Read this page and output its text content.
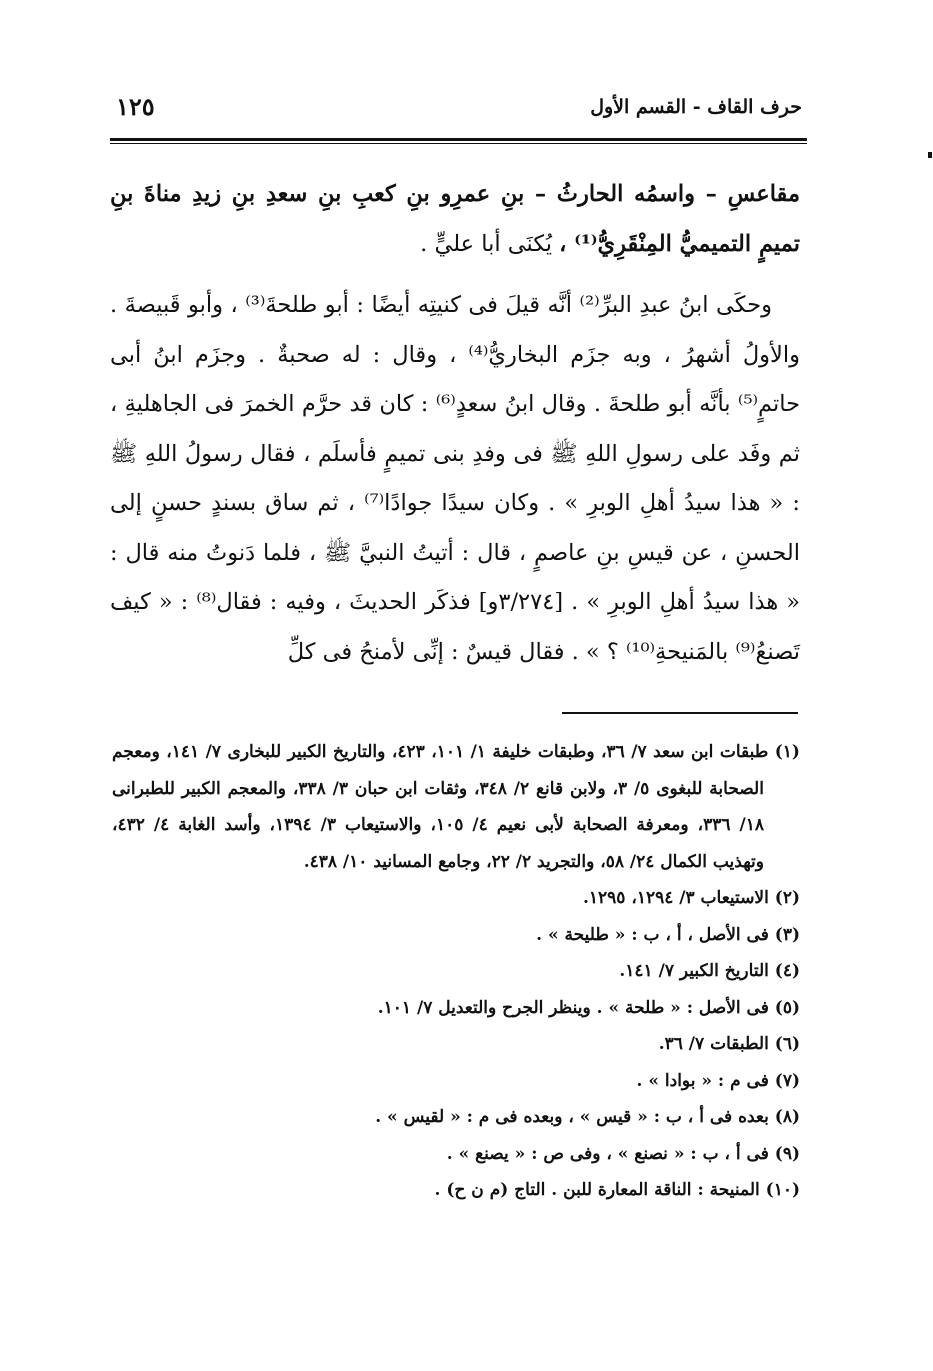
١٢٥	حرف القاف - القسم الأول

مقاعسِ – واسمُه الحارثُ – بنِ عمرِو بنِ كعبِ بنِ سعدِ بنِ زيدِ مناةَ بنِ تميمٍ التميميُّ المِنْقَرِيُّ⁽¹⁾ ، يُكنَى أبا عليٍّ .

وحكَى ابنُ عبدِ البرِّ⁽²⁾ أنَّه قيلَ فى كنيتِه أيضًا : أبو طلحةَ⁽³⁾ ، وأبو قَبيصةَ . والأولُ أشهرُ ، وبه جزَم البخاريُّ⁽⁴⁾ ، وقال : له صحبةٌ . وجزَم ابنُ أبى حاتمٍ⁽⁵⁾ بأنَّه أبو طلحةَ . وقال ابنُ سعدٍ⁽⁶⁾ : كان قد حرَّم الخمرَ فى الجاهليةِ ، ثم وفَد على رسولِ اللهِ ﷺ فى وفدِ بنى تميمٍ فأسلَم ، فقال رسولُ اللهِ ﷺ : « هذا سيدُ أهلِ الوبرِ » . وكان سيدًا جوادًا⁽⁷⁾ ، ثم ساق بسندٍ حسنٍ إلى الحسنِ ، عن قيسِ بنِ عاصمٍ ، قال : أتيتُ النبيَّ ﷺ ، فلما دَنوتُ منه قال : « هذا سيدُ أهلِ الوبرِ » . [٣/٢٧٤و] فذكَر الحديثَ ، وفيه : فقال⁽⁸⁾ : « كيف تَصنعُ⁽⁹⁾ بالمَنيحةِ⁽¹⁰⁾ ؟ » . فقال قيسٌ : إنِّى لأمنحُ فى كلِّ

(١) طبقات ابن سعد ٧/ ٣٦، وطبقات خليفة ١/ ١٠١، ٤٢٣، والتاريخ الكبير للبخارى ٧/ ١٤١، ومعجم الصحابة للبغوى ٥/ ٣، ولابن قانع ٢/ ٣٤٨، وثقات ابن حبان ٣/ ٣٣٨، والمعجم الكبير للطبرانى ١٨/ ٣٣٦، ومعرفة الصحابة لأبى نعيم ٤/ ١٠٥، والاستيعاب ٣/ ١٣٩٤، وأسد الغابة ٤/ ٤٣٢، وتهذيب الكمال ٢٤/ ٥٨، والتجريد ٢/ ٢٢، وجامع المسانيد ١٠/ ٤٣٨.
(٢) الاستيعاب ٣/ ١٢٩٤، ١٢٩٥.
(٣) فى الأصل ، أ ، ب : « طليحة » .
(٤) التاريخ الكبير ٧/ ١٤١.
(٥) فى الأصل : « طلحة » . وينظر الجرح والتعديل ٧/ ١٠١.
(٦) الطبقات ٧/ ٣٦.
(٧) فى م : « بوادا » .
(٨) بعده فى أ ، ب : « قيس » ، وبعده فى م : « لقيس » .
(٩) فى أ ، ب : « نصنع » ، وفى ص : « يصنع » .
(١٠) المنيحة : الناقة المعارة للبن . التاج (م ن ح) .
